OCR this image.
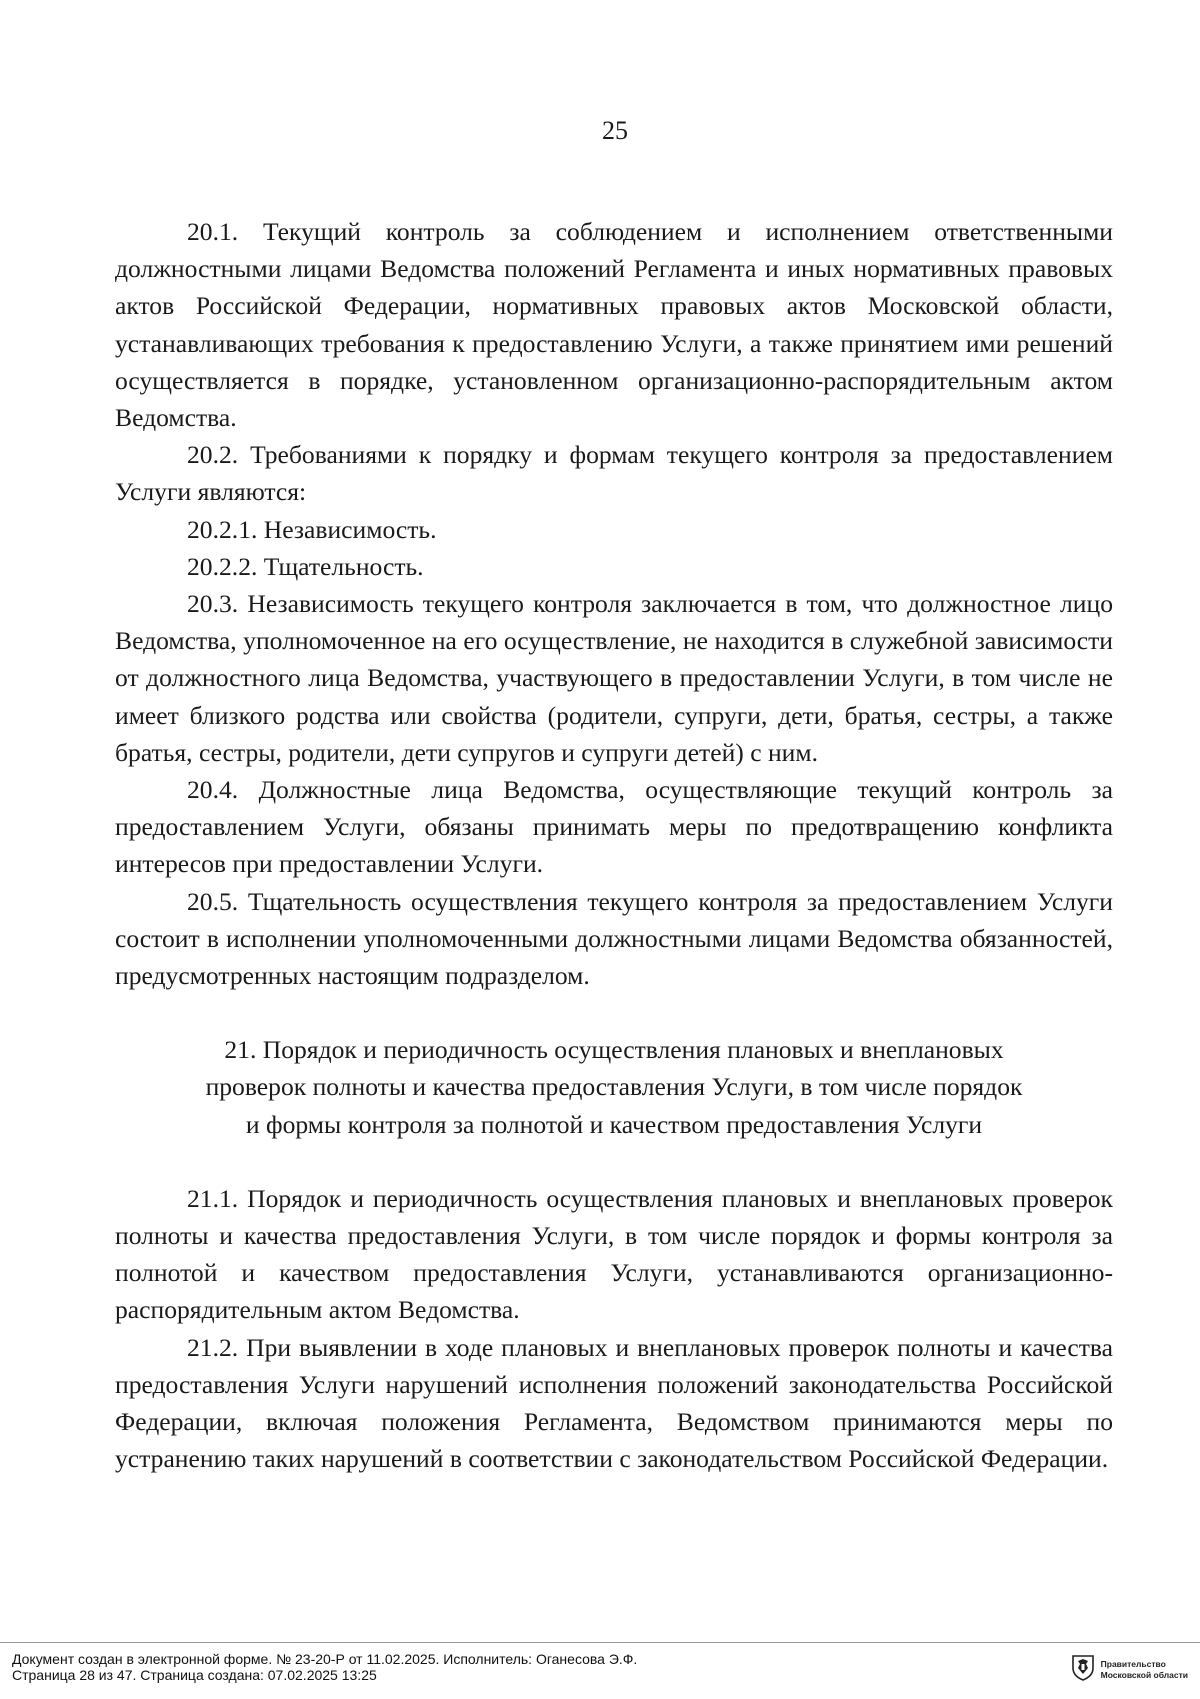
25

20.1. Текущий контроль за соблюдением и исполнением ответственными должностными лицами Ведомства положений Регламента и иных нормативных правовых актов Российской Федерации, нормативных правовых актов Московской области, устанавливающих требования к предоставлению Услуги, а также принятием ими решений осуществляется в порядке, установленном организационно-распорядительным актом Ведомства.

20.2. Требованиями к порядку и формам текущего контроля за предоставлением Услуги являются:

20.2.1. Независимость.

20.2.2. Тщательность.

20.3. Независимость текущего контроля заключается в том, что должностное лицо Ведомства, уполномоченное на его осуществление, не находится в служебной зависимости от должностного лица Ведомства, участвующего в предоставлении Услуги, в том числе не имеет близкого родства или свойства (родители, супруги, дети, братья, сестры, а также братья, сестры, родители, дети супругов и супруги детей) с ним.

20.4. Должностные лица Ведомства, осуществляющие текущий контроль за предоставлением Услуги, обязаны принимать меры по предотвращению конфликта интересов при предоставлении Услуги.

20.5. Тщательность осуществления текущего контроля за предоставлением Услуги состоит в исполнении уполномоченными должностными лицами Ведомства обязанностей, предусмотренных настоящим подразделом.

21. Порядок и периодичность осуществления плановых и внеплановых
проверок полноты и качества предоставления Услуги, в том числе порядок
и формы контроля за полнотой и качеством предоставления Услуги

21.1. Порядок и периодичность осуществления плановых и внеплановых проверок полноты и качества предоставления Услуги, в том числе порядок и формы контроля за полнотой и качеством предоставления Услуги, устанавливаются организационно-распорядительным актом Ведомства.

21.2. При выявлении в ходе плановых и внеплановых проверок полноты и качества предоставления Услуги нарушений исполнения положений законодательства Российской Федерации, включая положения Регламента, Ведомством принимаются меры по устранению таких нарушений в соответствии с законодательством Российской Федерации.

Документ создан в электронной форме. № 23-20-Р от 11.02.2025. Исполнитель: Оганесова Э.Ф.
Страница 28 из 47. Страница создана: 07.02.2025 13:25
Правительство
Московской области
